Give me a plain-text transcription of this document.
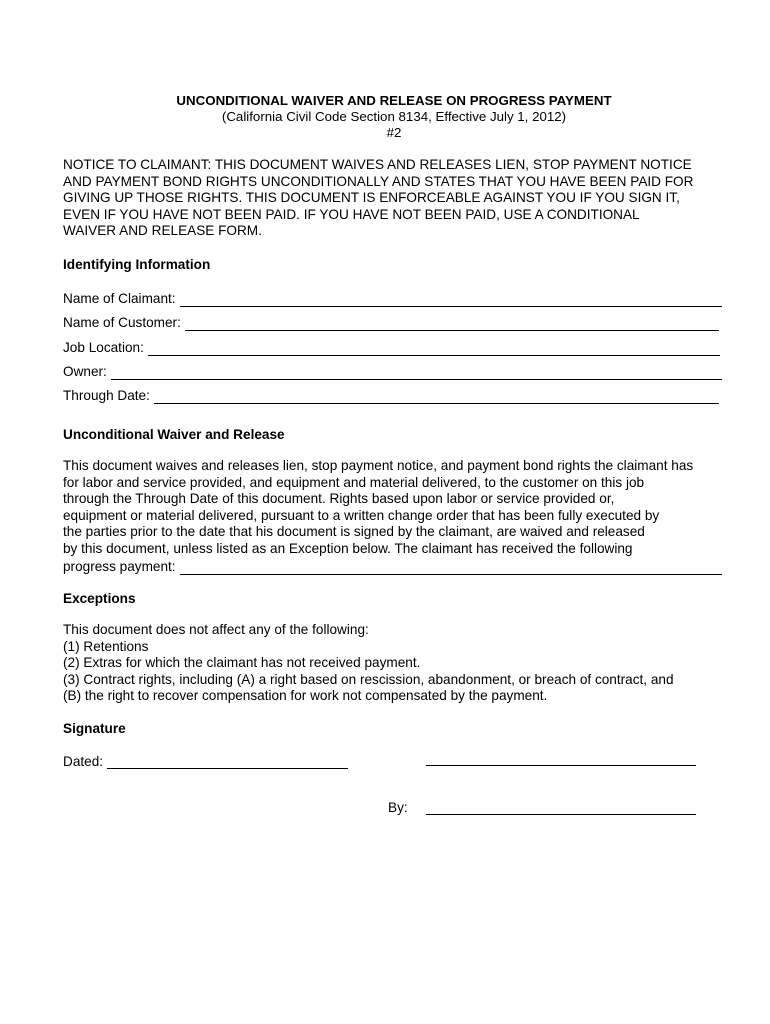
UNCONDITIONAL WAIVER AND RELEASE ON PROGRESS PAYMENT
(California Civil Code Section 8134, Effective July 1, 2012)
#2
NOTICE TO CLAIMANT: THIS DOCUMENT WAIVES AND RELEASES LIEN, STOP PAYMENT NOTICE
AND PAYMENT BOND RIGHTS UNCONDITIONALLY AND STATES THAT YOU HAVE BEEN PAID FOR
GIVING UP THOSE RIGHTS. THIS DOCUMENT IS ENFORCEABLE AGAINST YOU IF YOU SIGN IT,
EVEN IF YOU HAVE NOT BEEN PAID. IF YOU HAVE NOT BEEN PAID, USE A CONDITIONAL
WAIVER AND RELEASE FORM.
Identifying Information
Name of Claimant:
Name of Customer:
Job Location:
Owner:
Through Date:
Unconditional Waiver and Release
This document waives and releases lien, stop payment notice, and payment bond rights the claimant has
for labor and service provided, and equipment and material delivered, to the customer on this job
through the Through Date of this document. Rights based upon labor or service provided or,
equipment or material delivered, pursuant to a written change order that has been fully executed by
the parties prior to the date that his document is signed by the claimant, are waived and released
by this document, unless listed as an Exception below. The claimant has received the following
progress payment:
Exceptions
This document does not affect any of the following:
(1) Retentions
(2) Extras for which the claimant has not received payment.
(3) Contract rights, including (A) a right based on rescission, abandonment, or breach of contract, and
(B) the right to recover compensation for work not compensated by the payment.
Signature
Dated:
By:
